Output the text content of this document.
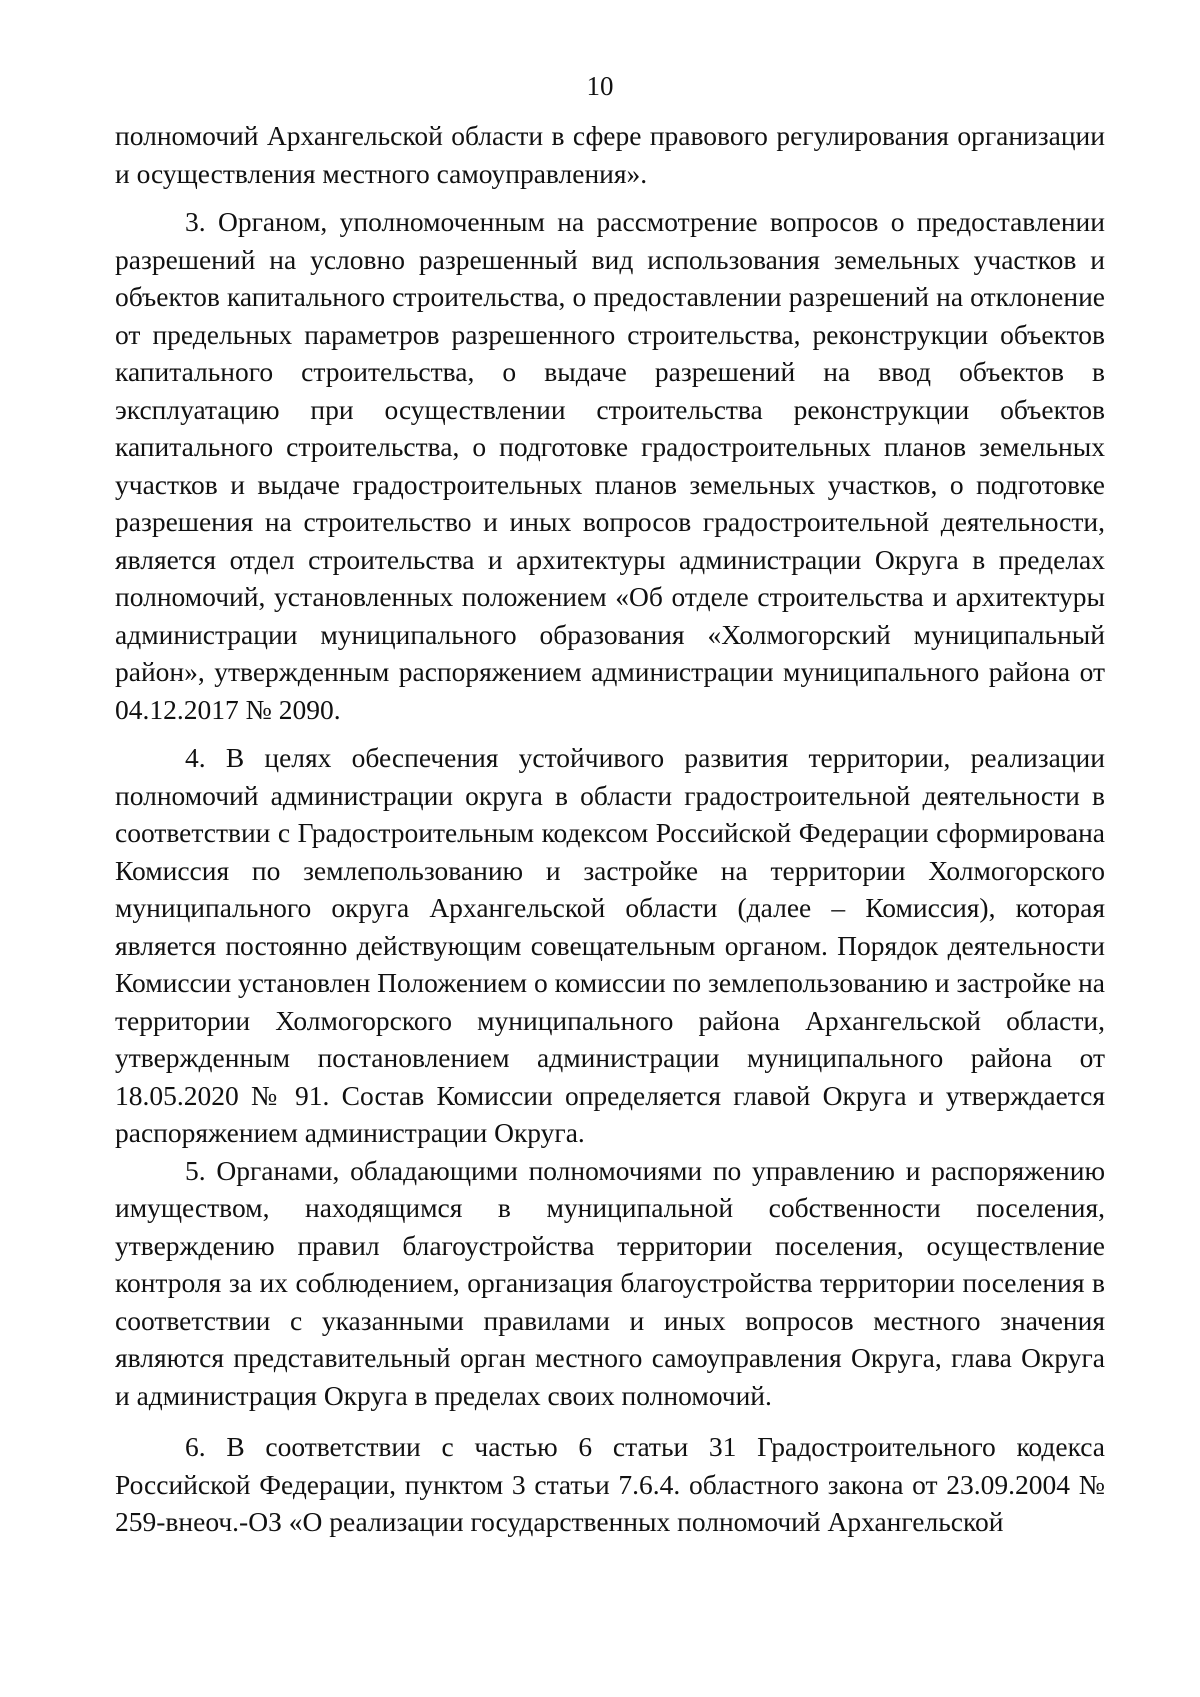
10

полномочий Архангельской области в сфере правового регулирования организации и осуществления местного самоуправления».

3. Органом, уполномоченным на рассмотрение вопросов о предоставлении разрешений на условно разрешенный вид использования земельных участков и объектов капитального строительства, о предоставлении разрешений на отклонение от предельных параметров разрешенного строительства, реконструкции объектов капитального строительства, о выдаче разрешений на ввод объектов в эксплуатацию при осуществлении строительства реконструкции объектов капитального строительства, о подготовке градостроительных планов земельных участков и выдаче градостроительных планов земельных участков, о подготовке разрешения на строительство и иных вопросов градостроительной деятельности, является отдел строительства и архитектуры администрации Округа в пределах полномочий, установленных положением «Об отделе строительства и архитектуры администрации муниципального образования «Холмогорский муниципальный район», утвержденным распоряжением администрации муниципального района от 04.12.2017 № 2090.

4. В целях обеспечения устойчивого развития территории, реализации полномочий администрации округа в области градостроительной деятельности в соответствии с Градостроительным кодексом Российской Федерации сформирована Комиссия по землепользованию и застройке на территории Холмогорского муниципального округа Архангельской области (далее – Комиссия), которая является постоянно действующим совещательным органом. Порядок деятельности Комиссии установлен Положением о комиссии по землепользованию и застройке на территории Холмогорского муниципального района Архангельской области, утвержденным постановлением администрации муниципального района от 18.05.2020 № 91. Состав Комиссии определяется главой Округа и утверждается распоряжением администрации Округа.

5. Органами, обладающими полномочиями по управлению и распоряжению имуществом, находящимся в муниципальной собственности поселения, утверждению правил благоустройства территории поселения, осуществление контроля за их соблюдением, организация благоустройства территории поселения в соответствии с указанными правилами и иных вопросов местного значения являются представительный орган местного самоуправления Округа, глава Округа и администрация Округа в пределах своих полномочий.

6. В соответствии с частью 6 статьи 31 Градостроительного кодекса Российской Федерации, пунктом 3 статьи 7.6.4. областного закона от 23.09.2004 № 259-внеоч.-ОЗ «О реализации государственных полномочий Архангельской
